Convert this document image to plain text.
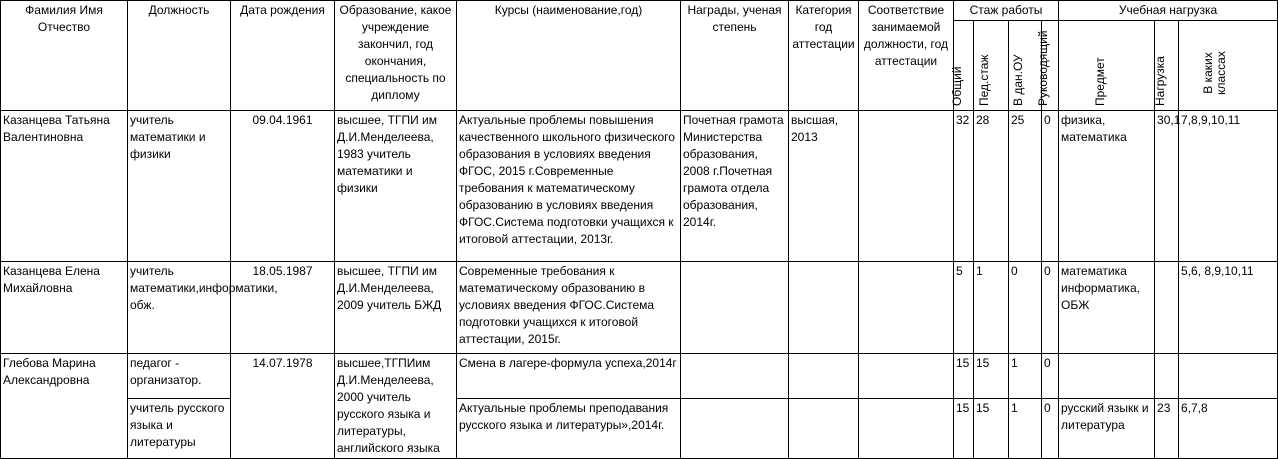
Фамилия Имя Отчество	Должность	Дата рождения	Образование, какое учреждение закончил, год окончания, специальность по диплому	Курсы (наименование,год)	Награды, ученая степень	Категория год аттестации	Соответствие занимаемой должности, год аттестации	Стаж работы				Учебная нагрузка		

								Общий	Пед.стаж	В дан.ОУ	Руководящий	Предмет	Нагрузка	В каких классах

Казанцева Татьяна Валентиновна	учитель математики и физики	09.04.1961	высшее, ТГПИ им Д.И.Менделеева, 1983 учитель математики и физики	Актуальные проблемы повышения качественного школьного физического образования в условиях введения ФГОС, 2015 г.Современные требования к математическому образованию в условиях введения ФГОС.Система подготовки учащихся к итоговой аттестации, 2013г.	Почетная грамота Министерства образования, 2008 г.Почетная грамота отдела образования, 2014г.	высшая, 2013		32	28	25	0	физика, математика	30,1	7,8,9,10,11
Казанцева Елена Михайловна	учитель математики,информатики, обж.	18.05.1987	высшее, ТГПИ им Д.И.Менделеева, 2009 учитель БЖД	Современные требования к математическому образованию в условиях введения ФГОС.Система подготовки учащихся к итоговой аттестации, 2015г.				5	1	0	0	математика информатика, ОБЖ		5,6, 8,9,10,11
Глебова Марина Александровна	педагог - организатор.	14.07.1978	высшее,ТГПИим Д.И.Менделеева, 2000 учитель русского языка и литературы, английского языка	Смена в лагере-формула успеха,2014г				15	15	1	0			
	учитель русского языка и литературы			Актуальные проблемы преподавания русского языка и литературы»,2014г.				15	15	1	0	русский языкк и литература	23	6,7,8
